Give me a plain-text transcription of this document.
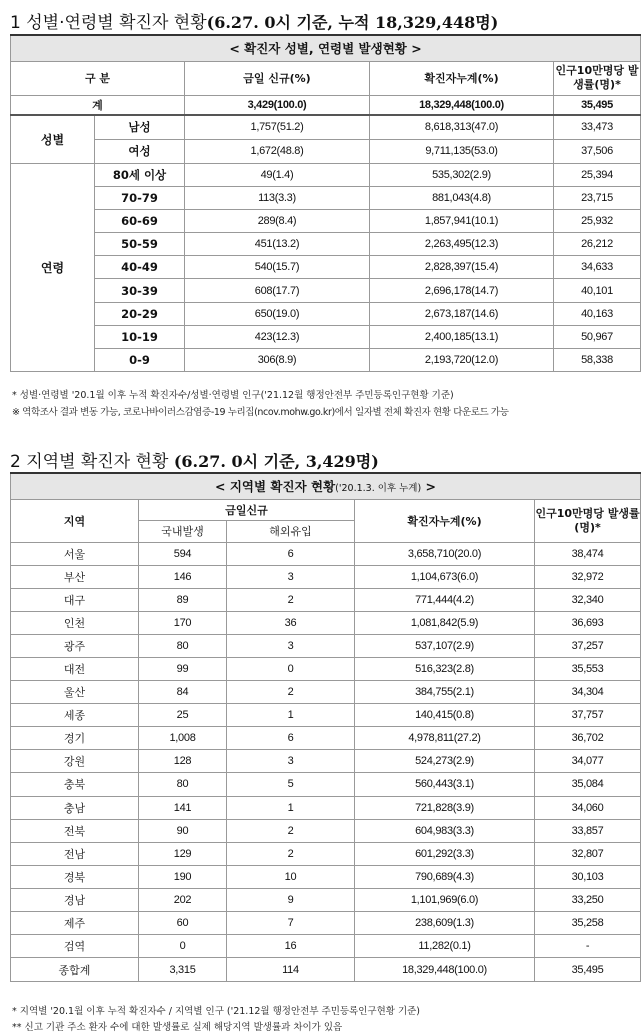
1 성별·연령별 확진자 현황(6.27. 0시 기준, 누적 18,329,448명)
< 확진자 성별, 연령별 발생현황 >				
구 분		금일 신규(%)	확진자누계(%)	인구10만명당 발생률(명)*
계		3,429(100.0)	18,329,448(100.0)	35,495
성별	남성	1,757(51.2)	8,618,313(47.0)	33,473
	여성	1,672(48.8)	9,711,135(53.0)	37,506
연령	80세 이상	49(1.4)	535,302(2.9)	25,394
	70-79	113(3.3)	881,043(4.8)	23,715
	60-69	289(8.4)	1,857,941(10.1)	25,932
	50-59	451(13.2)	2,263,495(12.3)	26,212
	40-49	540(15.7)	2,828,397(15.4)	34,633
	30-39	608(17.7)	2,696,178(14.7)	40,101
	20-29	650(19.0)	2,673,187(14.6)	40,163
	10-19	423(12.3)	2,400,185(13.1)	50,967
	0-9	306(8.9)	2,193,720(12.0)	58,338
* 성별·연령별 '20.1월 이후 누적 확진자수/성별·연령별 인구('21.12월 행정안전부 주민등록인구현황 기준)
※ 역학조사 결과 변동 가능, 코로나바이러스감염증-19 누리집(ncov.mohw.go.kr)에서 일자별 전체 확진자 현황 다운로드 가능
2 지역별 확진자 현황 (6.27. 0시 기준, 3,429명)
< 지역별 확진자 현황('20.1.3. 이후 누계) >				
지역	금일신규		확진자누계(%)	인구10만명당 발생률(명)*
	국내발생	해외유입		
서울	594	6	3,658,710(20.0)	38,474
부산	146	3	1,104,673(6.0)	32,972
대구	89	2	771,444(4.2)	32,340
인천	170	36	1,081,842(5.9)	36,693
광주	80	3	537,107(2.9)	37,257
대전	99	0	516,323(2.8)	35,553
울산	84	2	384,755(2.1)	34,304
세종	25	1	140,415(0.8)	37,757
경기	1,008	6	4,978,811(27.2)	36,702
강원	128	3	524,273(2.9)	34,077
충북	80	5	560,443(3.1)	35,084
충남	141	1	721,828(3.9)	34,060
전북	90	2	604,983(3.3)	33,857
전남	129	2	601,292(3.3)	32,807
경북	190	10	790,689(4.3)	30,103
경남	202	9	1,101,969(6.0)	33,250
제주	60	7	238,609(1.3)	35,258
검역	0	16	11,282(0.1)	-
종합계	3,315	114	18,329,448(100.0)	35,495
* 지역별 '20.1월 이후 누적 확진자수 / 지역별 인구 ('21.12월 행정안전부 주민등록인구현황 기준)
** 신고 기관 주소 환자 수에 대한 발생률로 실제 해당지역 발생률과 차이가 있음
